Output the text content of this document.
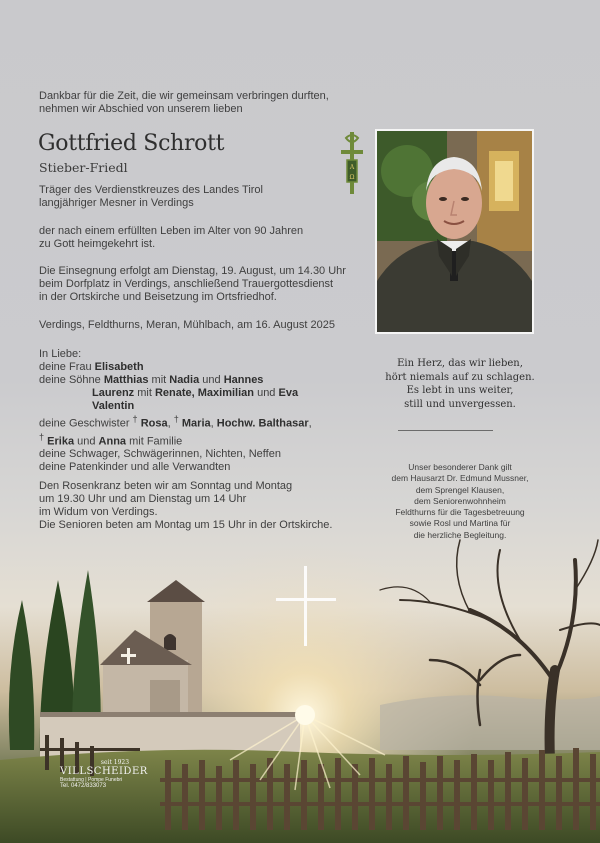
Dankbar für die Zeit, die wir gemeinsam verbringen durften,
nehmen wir Abschied von unserem lieben
Gottfried Schrott
Stieber-Friedl
Träger des Verdienstkreuzes des Landes Tirol
langjähriger Mesner in Verdings
der nach einem erfüllten Leben im Alter von 90 Jahren
zu Gott heimgekehrt ist.
Die Einsegnung erfolgt am Dienstag, 19. August, um 14.30 Uhr
beim Dorfplatz in Verdings, anschließend Trauergottesdienst
in der Ortskirche und Beisetzung im Ortsfriedhof.
Verdings, Feldthurns, Meran, Mühlbach, am 16. August 2025
In Liebe:
deine Frau Elisabeth
deine Söhne Matthias mit Nadia und Hannes
Laurenz mit Renate, Maximilian und Eva
Valentin
deine Geschwister † Rosa, † Maria, Hochw. Balthasar,
† Erika und Anna mit Familie
deine Schwager, Schwägerinnen, Nichten, Neffen
deine Patenkinder und alle Verwandten
Den Rosenkranz beten wir am Sonntag und Montag
um 19.30 Uhr und am Dienstag um 14 Uhr
im Widum von Verdings.
A
Ω
Ein Herz, das wir lieben,
hört niemals auf zu schlagen.
Es lebt in uns weiter,
still und unvergessen.
Unser besonderer Dank gilt
dem Hausarzt Dr. Edmund Mussner,
dem Sprengel Klausen,
dem Seniorenwohnheim
Feldthurns für die Tagesbetreuung
seit 1923
VILLSCHEIDER
Bestattung | Pompe Funebri
Tel. 0472/833073
